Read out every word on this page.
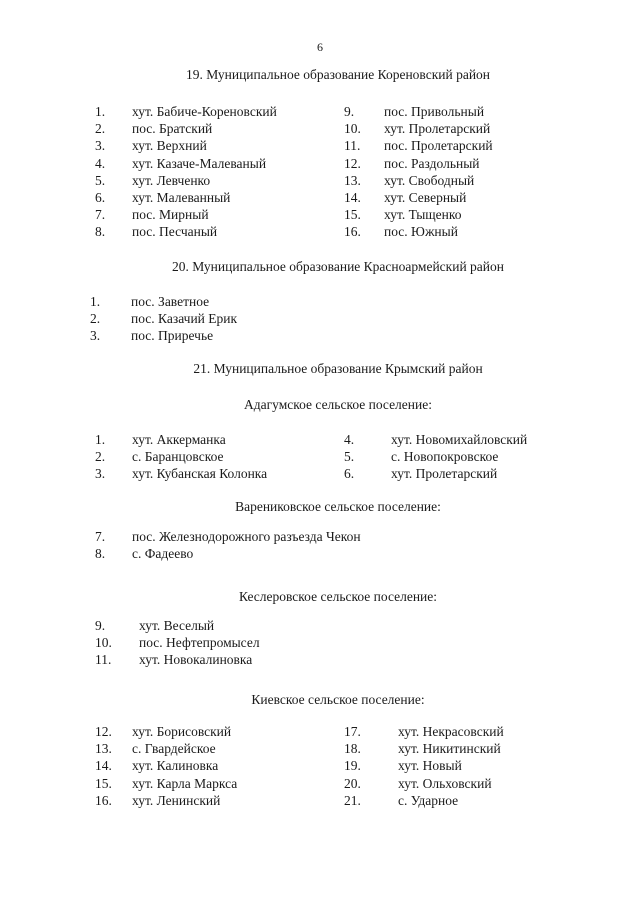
6
19. Муниципальное образование Кореновский район
1. хут. Бабиче-Кореновский
2. пос. Братский
3. хут. Верхний
4. хут. Казаче-Малеваный
5. хут. Левченко
6. хут. Малеванный
7. пос. Мирный
8. пос. Песчаный
9. пос. Привольный
10. хут. Пролетарский
11. пос. Пролетарский
12. пос. Раздольный
13. хут. Свободный
14. хут. Северный
15. хут. Тыщенко
16. пос. Южный
20. Муниципальное образование Красноармейский район
1. пос. Заветное
2. пос. Казачий Ерик
3. пос. Приречье
21. Муниципальное образование Крымский район
Адагумское сельское поселение:
1. хут. Аккерманка
2. с. Баранцовское
3. хут. Кубанская Колонка
4.	хут. Новомихайловский
5.	с. Новопокровское
6.	хут. Пролетарский
Варениковское сельское поселение:
7. пос. Железнодорожного разъезда Чекон
8. с. Фадеево
Кеслеровское сельское поселение:
9.	хут. Веселый
10. пос. Нефтепромысел
11. хут. Новокалиновка
Киевское сельское поселение:
12. хут. Борисовский
13. с. Гвардейское
14. хут. Калиновка
15. хут. Карла Маркса
16. хут. Ленинский
17.	хут. Некрасовский
18.	хут. Никитинский
19.	хут. Новый
20.	хут. Ольховский
21.	с. Ударное
